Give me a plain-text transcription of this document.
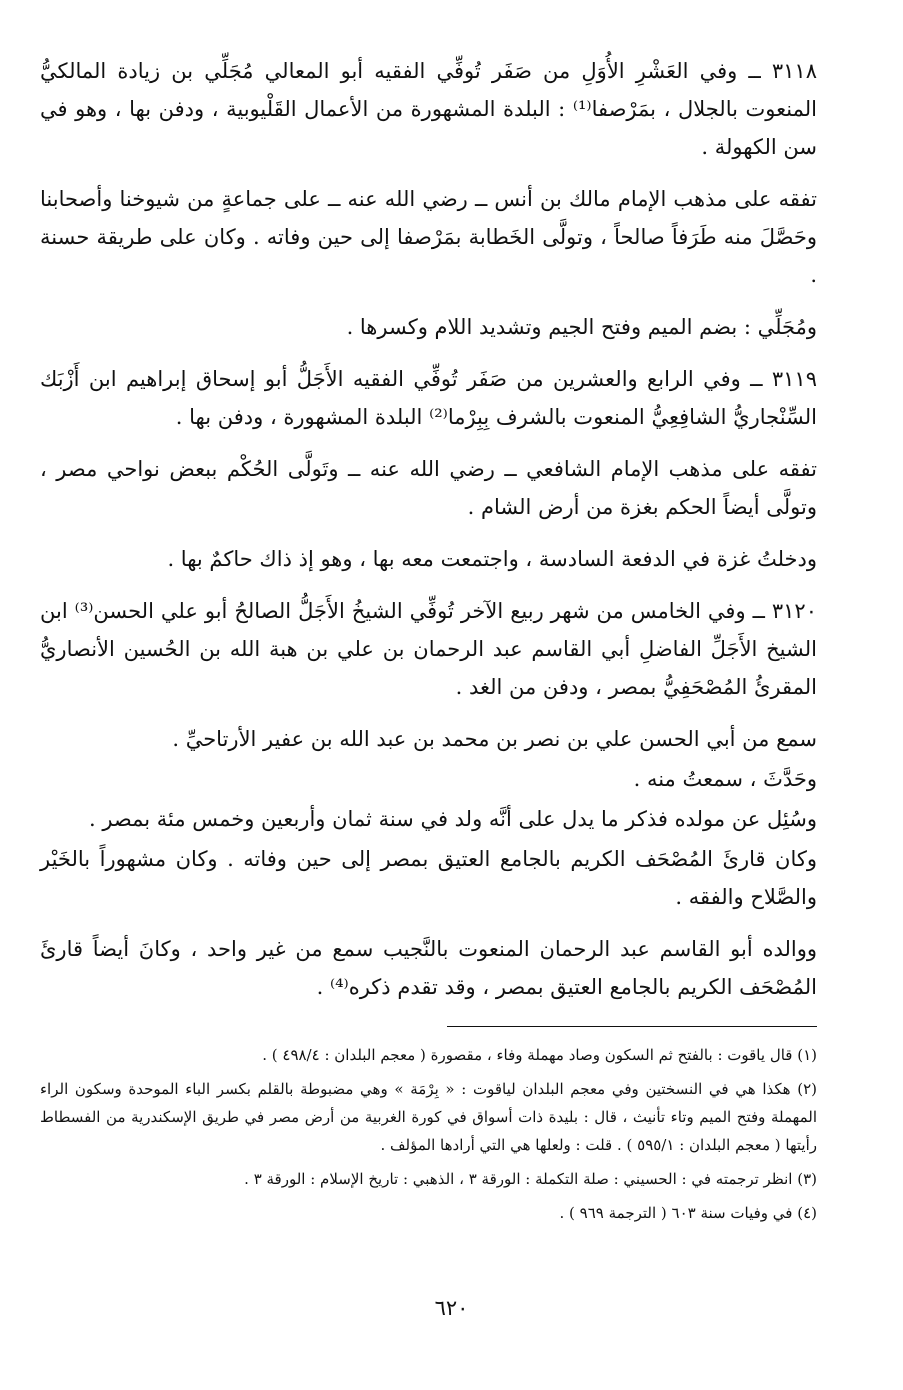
٣١١٨ ــ وفي العَشْرِ الأُوَلِ من صَفَر تُوفِّي الفقيه أبو المعالي مُجَلِّي بن زيادة المالكيُّ المنعوت بالجلال ، بمَرْصفا⁽¹⁾ : البلدة المشهورة من الأعمال القَلْيوبية ، ودفن بها ، وهو في سن الكهولة .

تفقه على مذهب الإمام مالك بن أنس ــ رضي الله عنه ــ على جماعةٍ من شيوخنا وأصحابنا وحَصَّلَ منه طَرَفاً صالحاً ، وتولَّى الخَطابة بمَرْصفا إلى حين وفاته . وكان على طريقة حسنة .

ومُجَلِّي : بضم الميم وفتح الجيم وتشديد اللام وكسرها .

٣١١٩ ــ وفي الرابع والعشرين من صَفَر تُوفِّي الفقيه الأَجَلُّ أبو إسحاق إبراهيم ابن أَزْبَك السِّنْجاريُّ الشافِعِيُّ المنعوت بالشرف بِبِرْما⁽²⁾ البلدة المشهورة ، ودفن بها .

تفقه على مذهب الإمام الشافعي ــ رضي الله عنه ــ وتَولَّى الحُكْم ببعض نواحي مصر ، وتولَّى أيضاً الحكم بغزة من أرض الشام .

ودخلتُ غزة في الدفعة السادسة ، واجتمعت معه بها ، وهو إذ ذاك حاكمٌ بها .

٣١٢٠ ــ وفي الخامس من شهر ربيع الآخر تُوفِّي الشيخُ الأَجَلُّ الصالحُ أبو علي الحسن⁽³⁾ ابن الشيخ الأَجَلِّ الفاضلِ أبي القاسم عبد الرحمان بن علي بن هبة الله بن الحُسين الأنصاريُّ المقرئُ المُصْحَفِيُّ بمصر ، ودفن من الغد .

سمع من أبي الحسن علي بن نصر بن محمد بن عبد الله بن عفير الأرتاحيِّ .

وحَدَّثَ ، سمعتُ منه .

وسُئِل عن مولده فذكر ما يدل على أنَّه ولد في سنة ثمان وأربعين وخمس مئة بمصر .

وكان قارئَ المُصْحَف الكريم بالجامع العتيق بمصر إلى حين وفاته . وكان مشهوراً بالخَيْر والصَّلاح والفقه .

ووالده أبو القاسم عبد الرحمان المنعوت بالنَّجيب سمع من غير واحد ، وكانَ أيضاً قارئَ المُصْحَف الكريم بالجامع العتيق بمصر ، وقد تقدم ذكره⁽⁴⁾ .

(١) قال ياقوت : بالفتح ثم السكون وصاد مهملة وفاء ، مقصورة ( معجم البلدان : ٤٩٨/٤ ) .

(٢) هكذا هي في النسختين وفي معجم البلدان لياقوت : « بِرْمَة » وهي مضبوطة بالقلم بكسر الباء الموحدة وسكون الراء المهملة وفتح الميم وتاء تأنيث ، قال : بليدة ذات أسواق في كورة الغربية من أرض مصر في طريق الإسكندرية من الفسطاط رأيتها ( معجم البلدان : ٥٩٥/١ ) . قلت : ولعلها هي التي أرادها المؤلف .

(٣) انظر ترجمته في : الحسيني : صلة التكملة : الورقة ٣ ، الذهبي : تاريخ الإسلام : الورقة ٣ .

(٤) في وفيات سنة ٦٠٣ ( الترجمة ٩٦٩ ) .

٦٢٠
